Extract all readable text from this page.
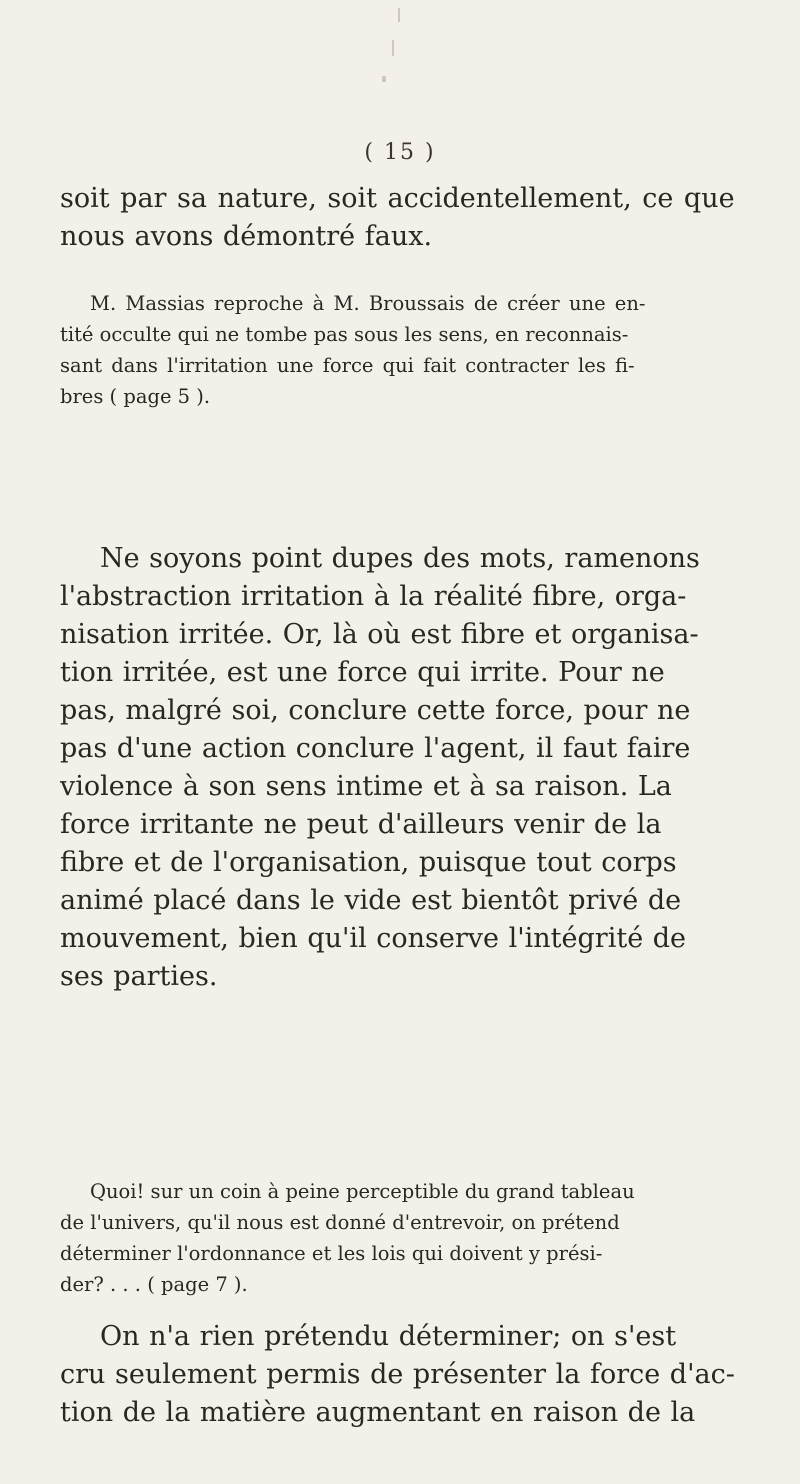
( 15 )

soit par sa nature, soit accidentellement, ce que
nous avons démontré faux.

M. Massias reproche à M. Broussais de créer une en-
tité occulte qui ne tombe pas sous les sens, en reconnais-
sant dans l'irritation une force qui fait contracter les fi-
bres ( page 5 ).

Ne soyons point dupes des mots, ramenons
l'abstraction irritation à la réalité fibre, orga-
nisation irritée. Or, là où est fibre et organisa-
tion irritée, est une force qui irrite. Pour ne
pas, malgré soi, conclure cette force, pour ne
pas d'une action conclure l'agent, il faut faire
violence à son sens intime et à sa raison. La
force irritante ne peut d'ailleurs venir de la
fibre et de l'organisation, puisque tout corps
animé placé dans le vide est bientôt privé de
mouvement, bien qu'il conserve l'intégrité de
ses parties.

Quoi! sur un coin à peine perceptible du grand tableau
de l'univers, qu'il nous est donné d'entrevoir, on prétend
déterminer l'ordonnance et les lois qui doivent y prési-
der? . . . ( page 7 ).

On n'a rien prétendu déterminer; on s'est
cru seulement permis de présenter la force d'ac-
tion de la matière augmentant en raison de la
